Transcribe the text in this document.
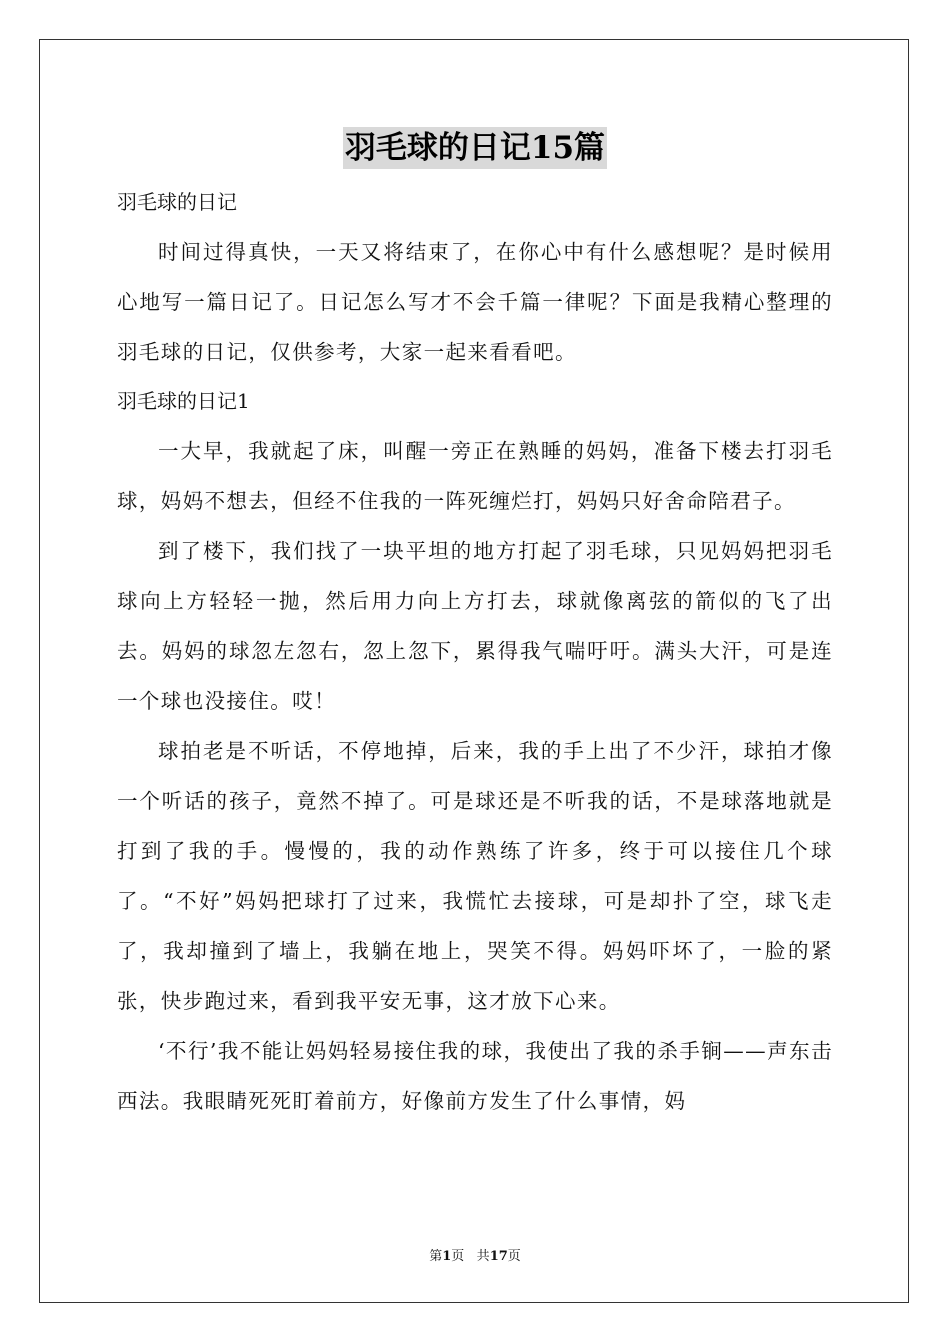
羽毛球的日记15篇

羽毛球的日记

时间过得真快，一天又将结束了，在你心中有什么感想呢？是时候用心地写一篇日记了。日记怎么写才不会千篇一律呢？下面是我精心整理的羽毛球的日记，仅供参考，大家一起来看看吧。

羽毛球的日记1

一大早，我就起了床，叫醒一旁正在熟睡的妈妈，准备下楼去打羽毛球，妈妈不想去，但经不住我的一阵死缠烂打，妈妈只好舍命陪君子。

到了楼下，我们找了一块平坦的地方打起了羽毛球，只见妈妈把羽毛球向上方轻轻一抛，然后用力向上方打去，球就像离弦的箭似的飞了出去。妈妈的球忽左忽右，忽上忽下，累得我气喘吁吁。满头大汗，可是连一个球也没接住。哎！

球拍老是不听话，不停地掉，后来，我的手上出了不少汗，球拍才像一个听话的孩子，竟然不掉了。可是球还是不听我的话，不是球落地就是打到了我的手。慢慢的，我的动作熟练了许多，终于可以接住几个球了。“不好”妈妈把球打了过来，我慌忙去接球，可是却扑了空，球飞走了，我却撞到了墙上，我躺在地上，哭笑不得。妈妈吓坏了，一脸的紧张，快步跑过来，看到我平安无事，这才放下心来。

‘不行’我不能让妈妈轻易接住我的球，我使出了我的杀手锏——声东击西法。我眼睛死死盯着前方，好像前方发生了什么事情，妈

第1页 共17页
